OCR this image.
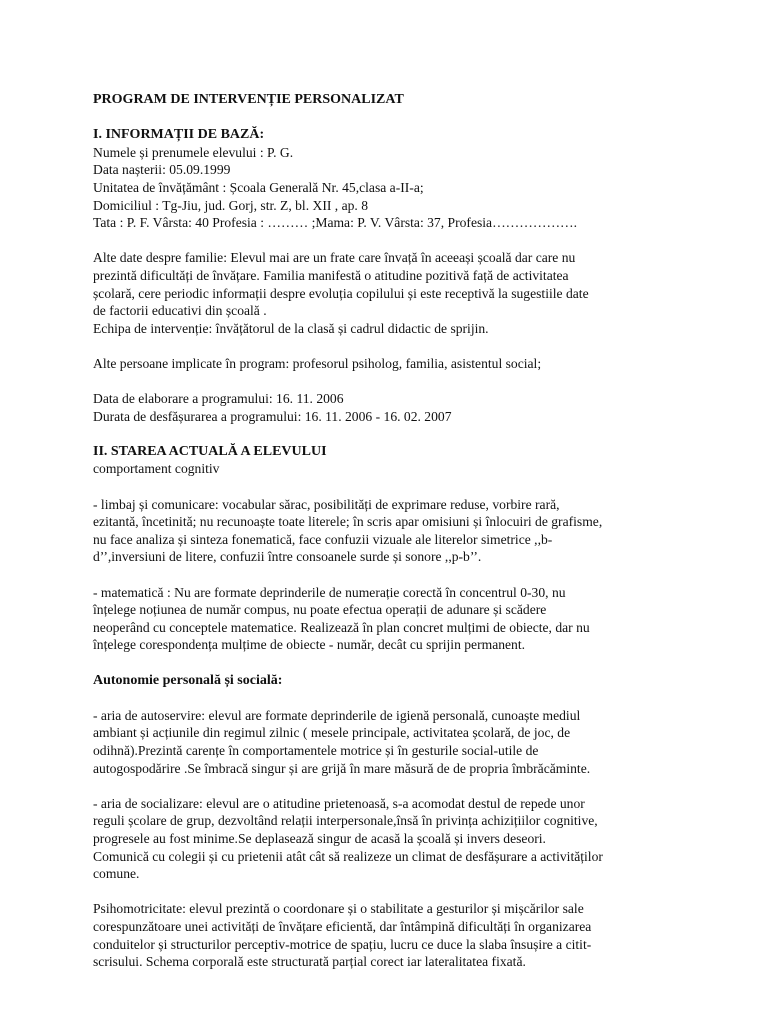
PROGRAM DE INTERVENȚIE PERSONALIZAT

I. INFORMAȚII DE BAZĂ:

Numele și prenumele elevului : P. G.

Data nașterii: 05.09.1999

Unitatea de învățământ : Școala Generală Nr. 45,clasa a-II-a;

Domiciliul : Tg-Jiu, jud. Gorj, str. Z, bl. XII , ap. 8

Tata : P. F. Vârsta: 40 Profesia : ……… ;Mama: P. V. Vârsta: 37, Profesia……………….

Alte date despre familie: Elevul mai are un frate care învață în aceeași școală dar care nu

prezintă dificultăți de învățare. Familia manifestă o atitudine pozitivă față de activitatea

școlară, cere periodic informații despre evoluția copilului și este receptivă la sugestiile date

de factorii educativi din școală .

Echipa de intervenție: învățătorul de la clasă și cadrul didactic de sprijin.

Alte persoane implicate în program: profesorul psiholog, familia, asistentul social;

Data de elaborare a programului: 16. 11. 2006

Durata de desfășurarea a programului: 16. 11. 2006 - 16. 02. 2007

II. STAREA ACTUALĂ A ELEVULUI

comportament cognitiv

- limbaj și comunicare: vocabular sărac, posibilități de exprimare reduse, vorbire rară,

ezitantă, încetinită; nu recunoaște toate literele; în scris apar omisiuni și înlocuiri de grafisme,

nu face analiza și sinteza fonematică, face confuzii vizuale ale literelor simetrice ,,b-

d’’,inversiuni de litere, confuzii între consoanele surde și sonore ,,p-b’’.

- matematică : Nu are formate deprinderile de numerație corectă în concentrul 0-30, nu

înțelege noțiunea de număr compus, nu poate efectua operații de adunare și scădere

neoperând cu conceptele matematice. Realizează în plan concret mulțimi de obiecte, dar nu

înțelege corespondența mulțime de obiecte - număr, decât cu sprijin permanent.

Autonomie personală și socială:

- aria de autoservire: elevul are formate deprinderile de igienă personală, cunoaște mediul

ambiant și acțiunile din regimul zilnic ( mesele principale, activitatea școlară, de joc, de

odihnă).Prezintă carențe în comportamentele motrice și în gesturile social-utile de

autogospodărire .Se îmbracă singur și are grijă în mare măsură de de propria îmbrăcăminte.

- aria de socializare: elevul are o atitudine prietenoasă, s-a acomodat destul de repede unor

reguli școlare de grup, dezvoltând relații interpersonale,însă în privința achizițiilor cognitive,

progresele au fost minime.Se deplasează singur de acasă la școală și invers deseori.

Comunică cu colegii și cu prietenii atât cât să realizeze un climat de desfășurare a activităților

comune.

Psihomotricitate: elevul prezintă o coordonare și o stabilitate a gesturilor și mișcărilor sale

corespunzătoare unei activități de învățare eficientă, dar întâmpină dificultăți în organizarea

conduitelor și structurilor perceptiv-motrice de spațiu, lucru ce duce la slaba însușire a citit-

scrisului. Schema corporală este structurată parțial corect iar lateralitatea fixată.
